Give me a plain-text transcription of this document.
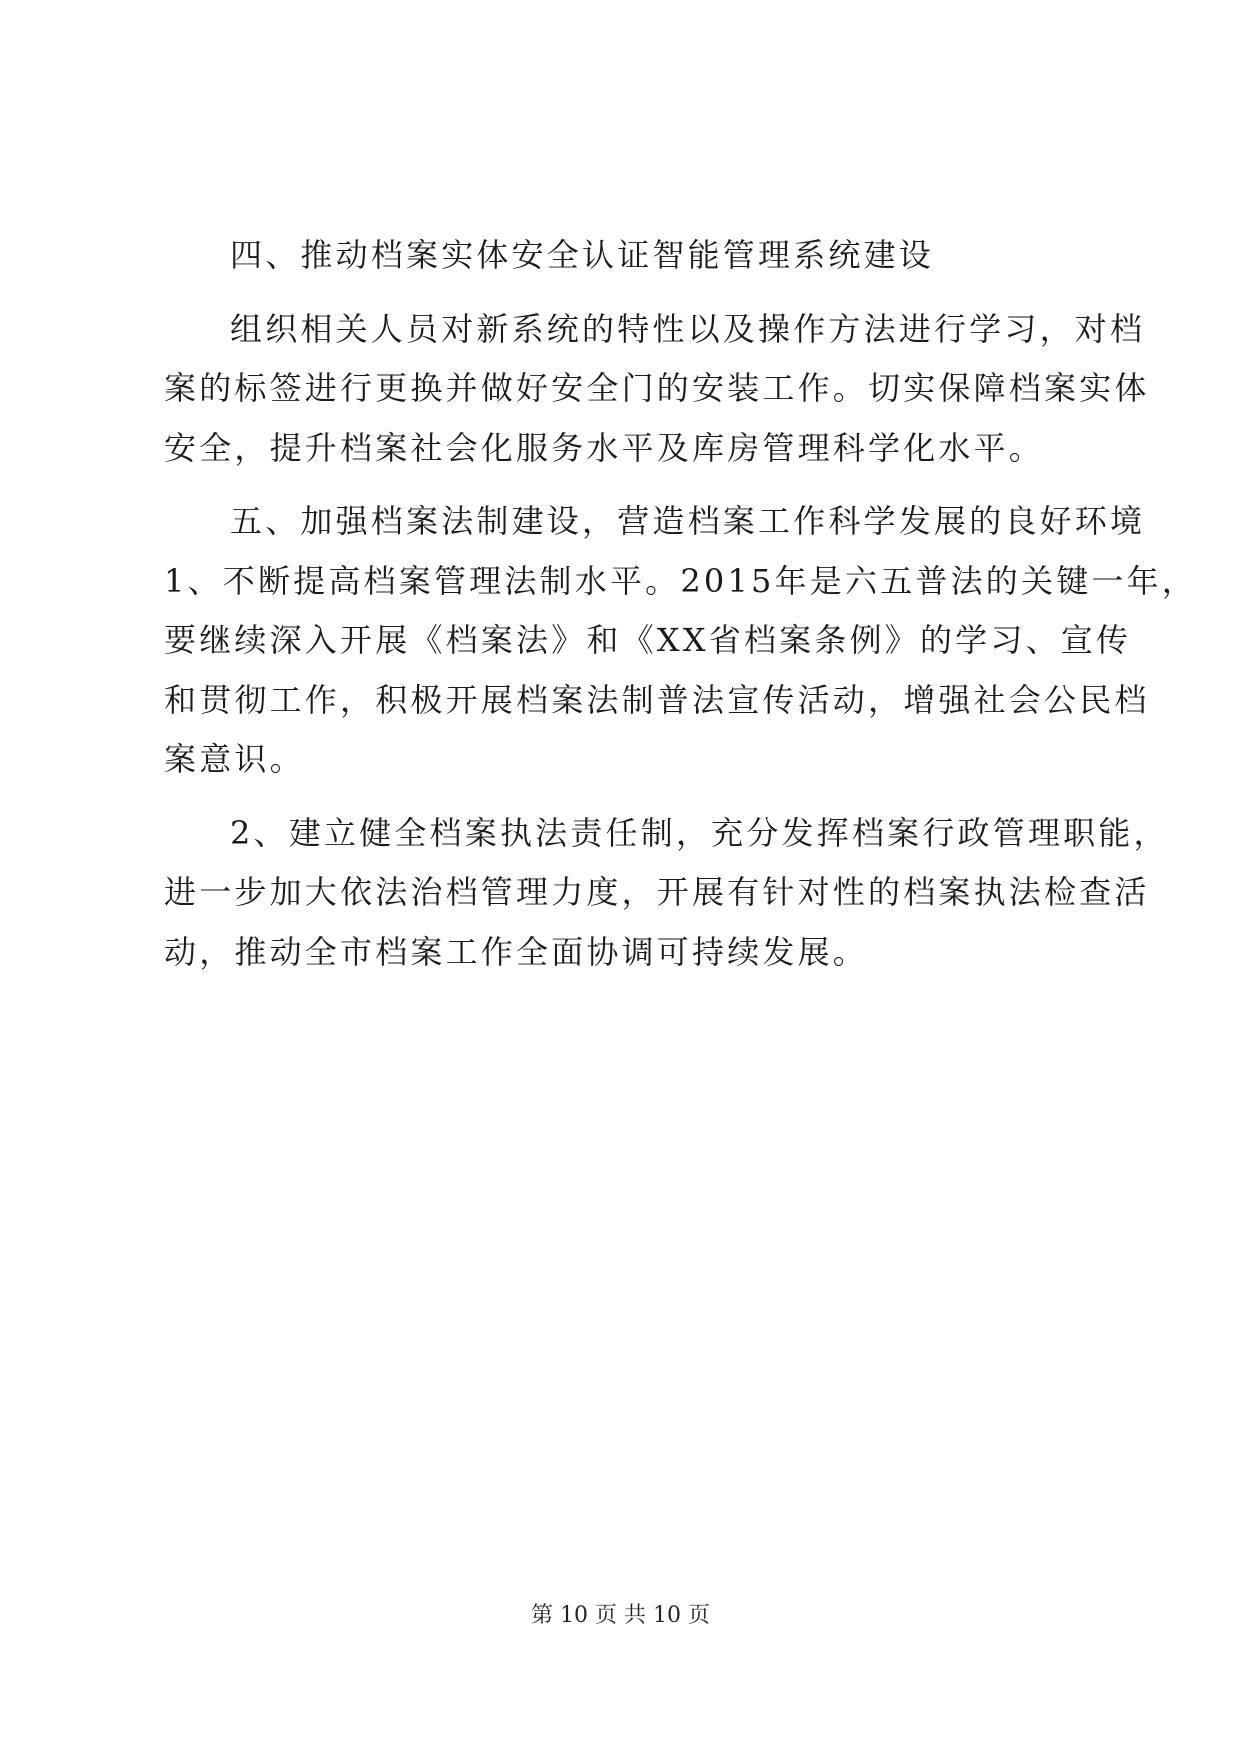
四、推动档案实体安全认证智能管理系统建设
组织相关人员对新系统的特性以及操作方法进行学习，对档
案的标签进行更换并做好安全门的安装工作。切实保障档案实体
安全，提升档案社会化服务水平及库房管理科学化水平。
五、加强档案法制建设，营造档案工作科学发展的良好环境
1、不断提高档案管理法制水平。2015年是六五普法的关键一年，
要继续深入开展《档案法》和《XX省档案条例》的学习、宣传
和贯彻工作，积极开展档案法制普法宣传活动，增强社会公民档
案意识。
2、建立健全档案执法责任制，充分发挥档案行政管理职能，
进一步加大依法治档管理力度，开展有针对性的档案执法检查活
动，推动全市档案工作全面协调可持续发展。
第 10 页 共 10 页
